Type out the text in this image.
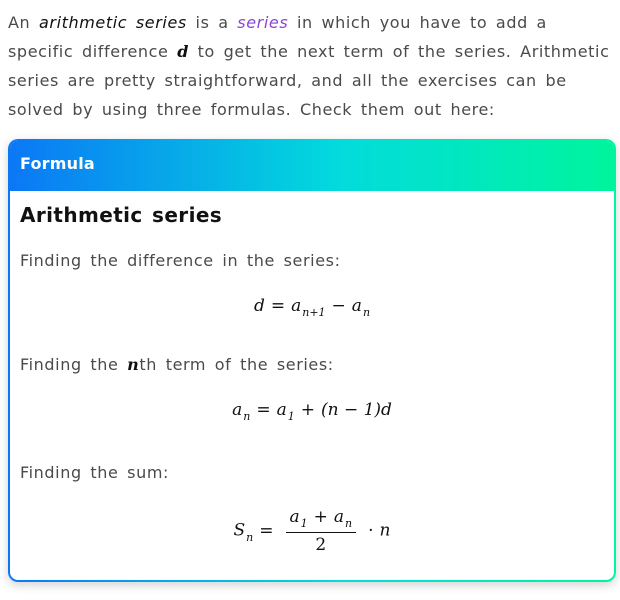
An arithmetic series is a series in which you have to add a specific difference d to get the next term of the series. Arithmetic series are pretty straightforward, and all the exercises can be solved by using three formulas. Check them out here:

Formula
Arithmetic series
Finding the difference in the series:
$d = a_{n+1} - a_n$
Finding the nth term of the series:
$a_n = a_1 + (n - 1)d$
Finding the sum:
$S_n = \frac{a_1 + a_n}{2} \cdot n$
